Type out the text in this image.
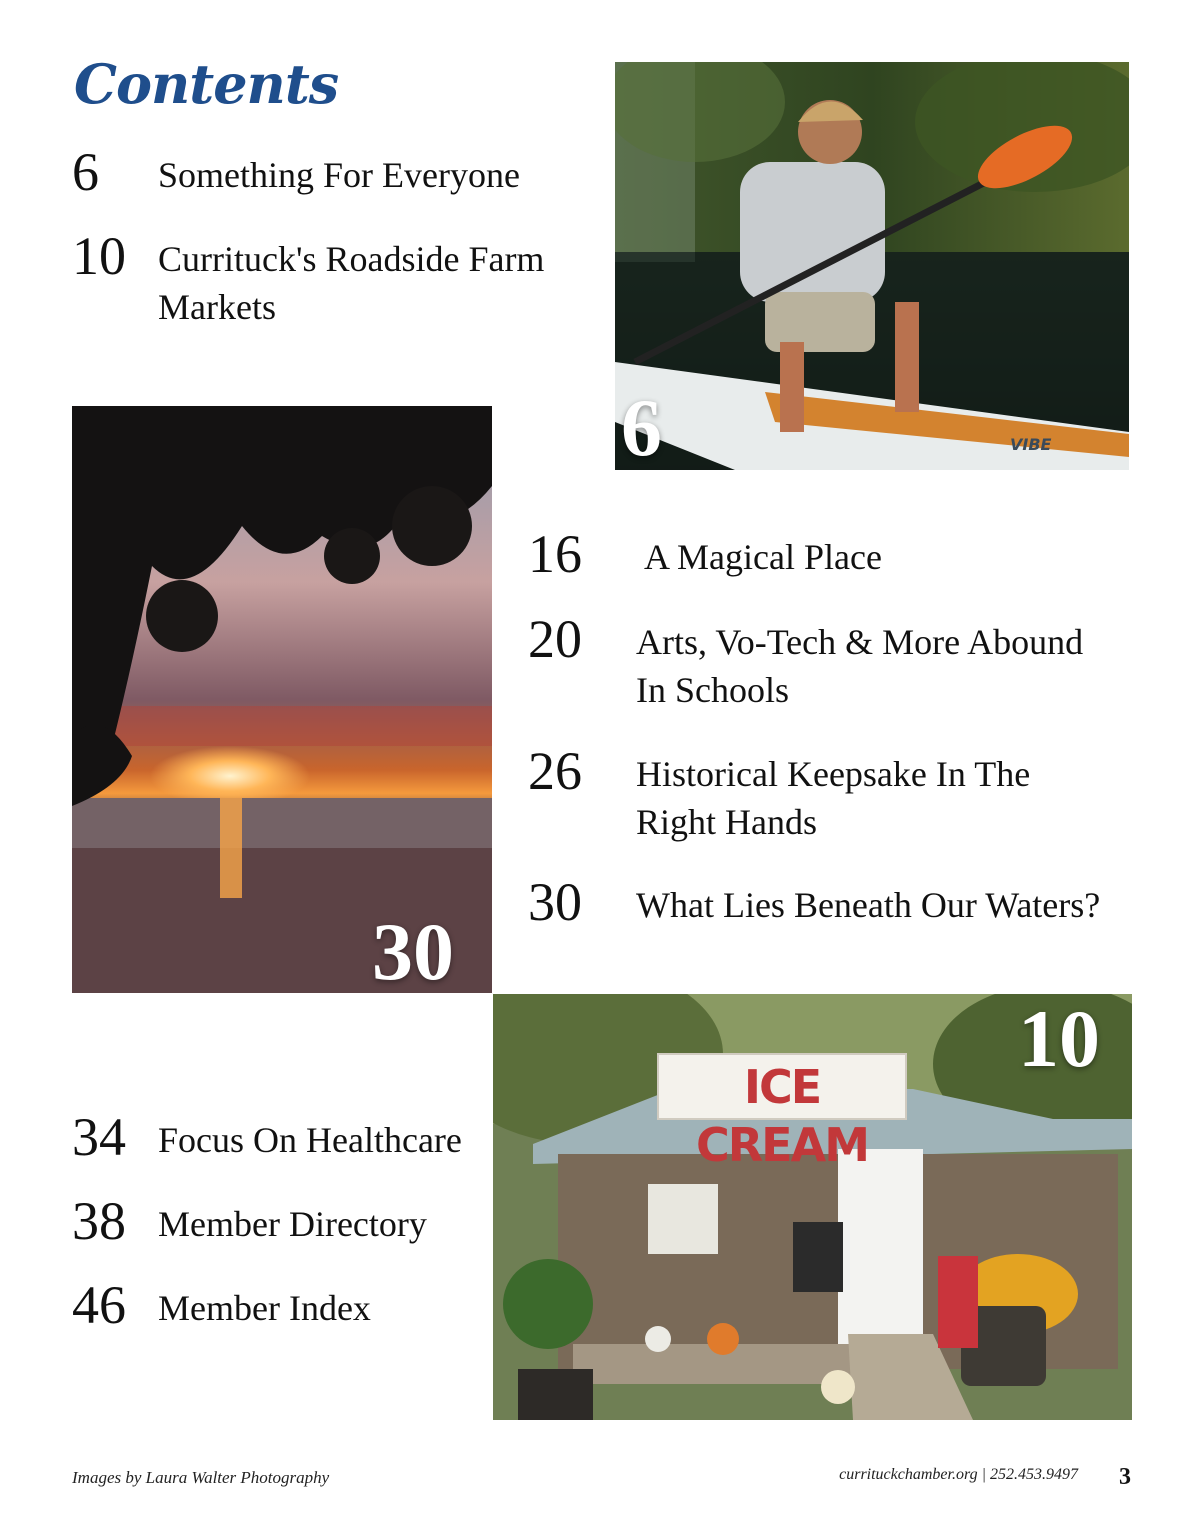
Contents
6 Something For Everyone
10 Currituck's Roadside Farm Markets
16 A Magical Place
20 Arts, Vo-Tech & More Abound In Schools
26 Historical Keepsake In The Right Hands
30 What Lies Beneath Our Waters?
34 Focus On Healthcare
38 Member Directory
46 Member Index
6	VIBE
30
ICE CREAM
10
Images by Laura Walter Photography	currituckchamber.org | 252.453.9497 3
